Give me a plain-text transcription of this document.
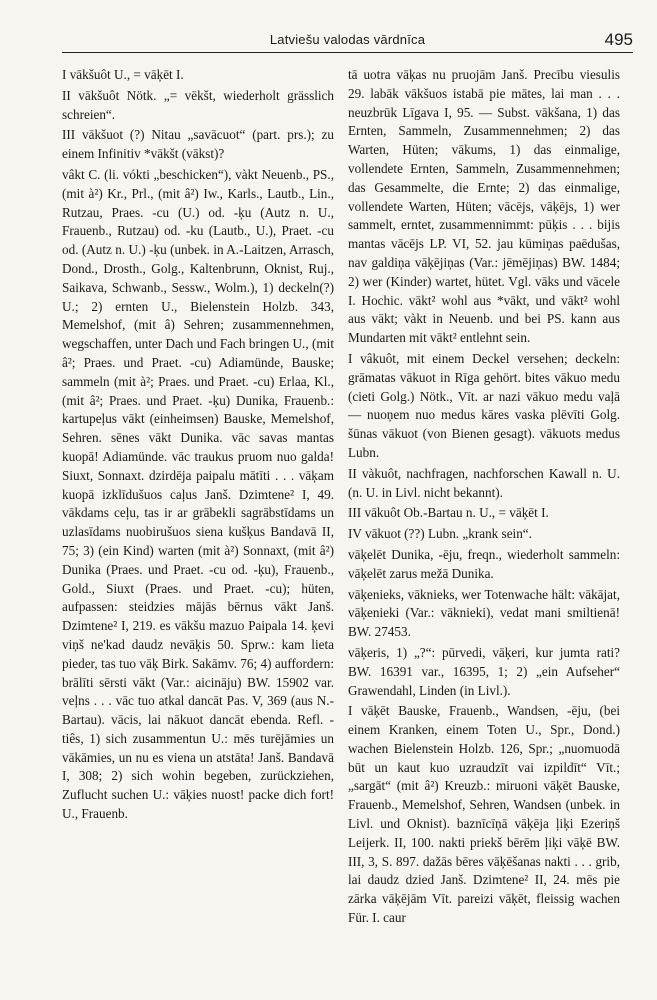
Latviešu valodas vārdnīca	495

I vākšuôt U., = vāķēt I.

II vākšuôt Nötk. „= vēkšt, wiederholt grässlich schreien“.

III vākšuot (?) Nitau „savācuot“ (part. prs.); zu einem Infinitiv *vākšt (vākst)?

vâkt C. (li. vókti „beschicken“), vàkt Neuenb., PS., (mit à²) Kr., Prl., (mit â²) Iw., Karls., Lautb., Lin., Rutzau, Praes. -cu (U.) od. -ķu (Autz n. U., Frauenb., Rutzau) od. -ku (Lautb., U.), Praet. -cu od. (Autz n. U.) -ķu (unbek. in A.-Laitzen, Arrasch, Dond., Drosth., Golg., Kaltenbrunn, Oknist, Ruj., Saikava, Schwanb., Sessw., Wolm.), 1) deckeln(?) U.; 2) ernten U., Bielenstein Holzb. 343, Memelshof, (mit â) Sehren; zusammennehmen, wegschaffen, unter Dach und Fach bringen U., (mit â²; Praes. und Praet. -cu) Adiamünde, Bauske; sammeln (mit à²; Praes. und Praet. -cu) Erlaa, Kl., (mit â²; Praes. und Praet. -ķu) Dunika, Frauenb.: kartupeļus vākt (einheimsen) Bauske, Memelshof, Sehren. sēnes vākt Dunika. vāc savas mantas kuopā! Adiamünde. vāc traukus pruom nuo galda! Siuxt, Sonnaxt. dzirdēja paipalu mātīti . . . vāķam kuopā izklīdušuos caļus Janš. Dzimtene² I, 49. vākdams ceļu, tas ir ar grābekli sagrābstīdams un uzlasīdams nuobirušuos siena kušķus Bandavā II, 75; 3) (ein Kind) warten (mit à²) Sonnaxt, (mit â²) Dunika (Praes. und Praet. -cu od. -ķu), Frauenb., Gold., Siuxt (Praes. und Praet. -cu); hüten, aufpassen: steidzies mājās bērnus vākt Janš. Dzimtene² I, 219. es vākšu mazuo Paipala 14. ķevi viņš ne'kad daudz nevāķis 50. Sprw.: kam lieta pieder, tas tuo vāķ Birk. Sakāmv. 76; 4) auffordern: brālīti sērsti vākt (Var.: aicināju) BW. 15902 var. veļns . . . vāc tuo atkal dancāt Pas. V, 369 (aus N.-Bartau). vācis, lai nākuot dancāt ebenda. Refl. -tiês, 1) sich zusammentun U.: mēs turējāmies un vākāmies, un nu es viena un atstāta! Janš. Bandavā I, 308; 2) sich wohin begeben, zurückziehen, Zuflucht suchen U.: vāķies nuost! packe dich fort! U., Frauenb.

tā uotra vāķas nu pruojām Janš. Precību viesulis 29. labāk vākšuos istabā pie mātes, lai man . . . neuzbrūk Līgava I, 95. — Subst. vākšana, 1) das Ernten, Sammeln, Zusammennehmen; 2) das Warten, Hüten; vākums, 1) das einmalige, vollendete Ernten, Sammeln, Zusammennehmen; das Gesammelte, die Ernte; 2) das einmalige, vollendete Warten, Hüten; vācējs, vāķējs, 1) wer sammelt, erntet, zusammennimmt: pūķis . . . bijis mantas vācējs LP. VI, 52. jau kūmiņas paēdušas, nav galdiņa vāķējiņas (Var.: jēmējiņas) BW. 1484; 2) wer (Kinder) wartet, hütet. Vgl. vāks und vācele I. Hochic. vākt² wohl aus *vākt, und vākt² wohl aus vākt; vàkt in Neuenb. und bei PS. kann aus Mundarten mit vākt² entlehnt sein.

I vâkuôt, mit einem Deckel versehen; deckeln: grāmatas vākuot in Rīga gehört. bites vākuo medu (cieti Golg.) Nötk., Vīt. ar nazi vākuo medu vaļā — nuoņem nuo medus kāres vaska plēvīti Golg. šūnas vākuot (von Bienen gesagt). vākuots medus Lubn.

II vàkuôt, nachfragen, nachforschen Kawall n. U. (n. U. in Livl. nicht bekannt).

III vākuôt Ob.-Bartau n. U., = vāķēt I.

IV vākuot (??) Lubn. „krank sein“.

vāķelēt Dunika, -ēju, freqn., wiederholt sammeln: vāķelēt zarus mežā Dunika.

vāķenieks, vāknieks, wer Totenwache hält: vākājat, vāķenieki (Var.: vāknieki), vedat mani smiltienā! BW. 27453.

vāķeris, 1) „?“: pūrvedi, vāķeri, kur jumta rati? BW. 16391 var., 16395, 1; 2) „ein Aufseher“ Grawendahl, Linden (in Livl.).

I vāķēt Bauske, Frauenb., Wandsen, -ēju, (bei einem Kranken, einem Toten U., Spr., Dond.) wachen Bielenstein Holzb. 126, Spr.; „nuomuodā būt un kaut kuo uzraudzīt vai izpildīt“ Vīt.; „sargāt“ (mit â²) Kreuzb.: miruoni vāķēt Bauske, Frauenb., Memelshof, Sehren, Wandsen (unbek. in Livl. und Oknist). baznīcīņā vāķēja ļiķi Ezeriņš Leijerk. II, 100. nakti priekš bērēm ļiķi vāķē BW. III, 3, S. 897. dažās bēres vāķēšanas nakti . . . grib, lai daudz dzied Janš. Dzimtene² II, 24. mēs pie zārka vāķējām Vīt. pareizi vāķēt, fleissig wachen Für. I. caur
